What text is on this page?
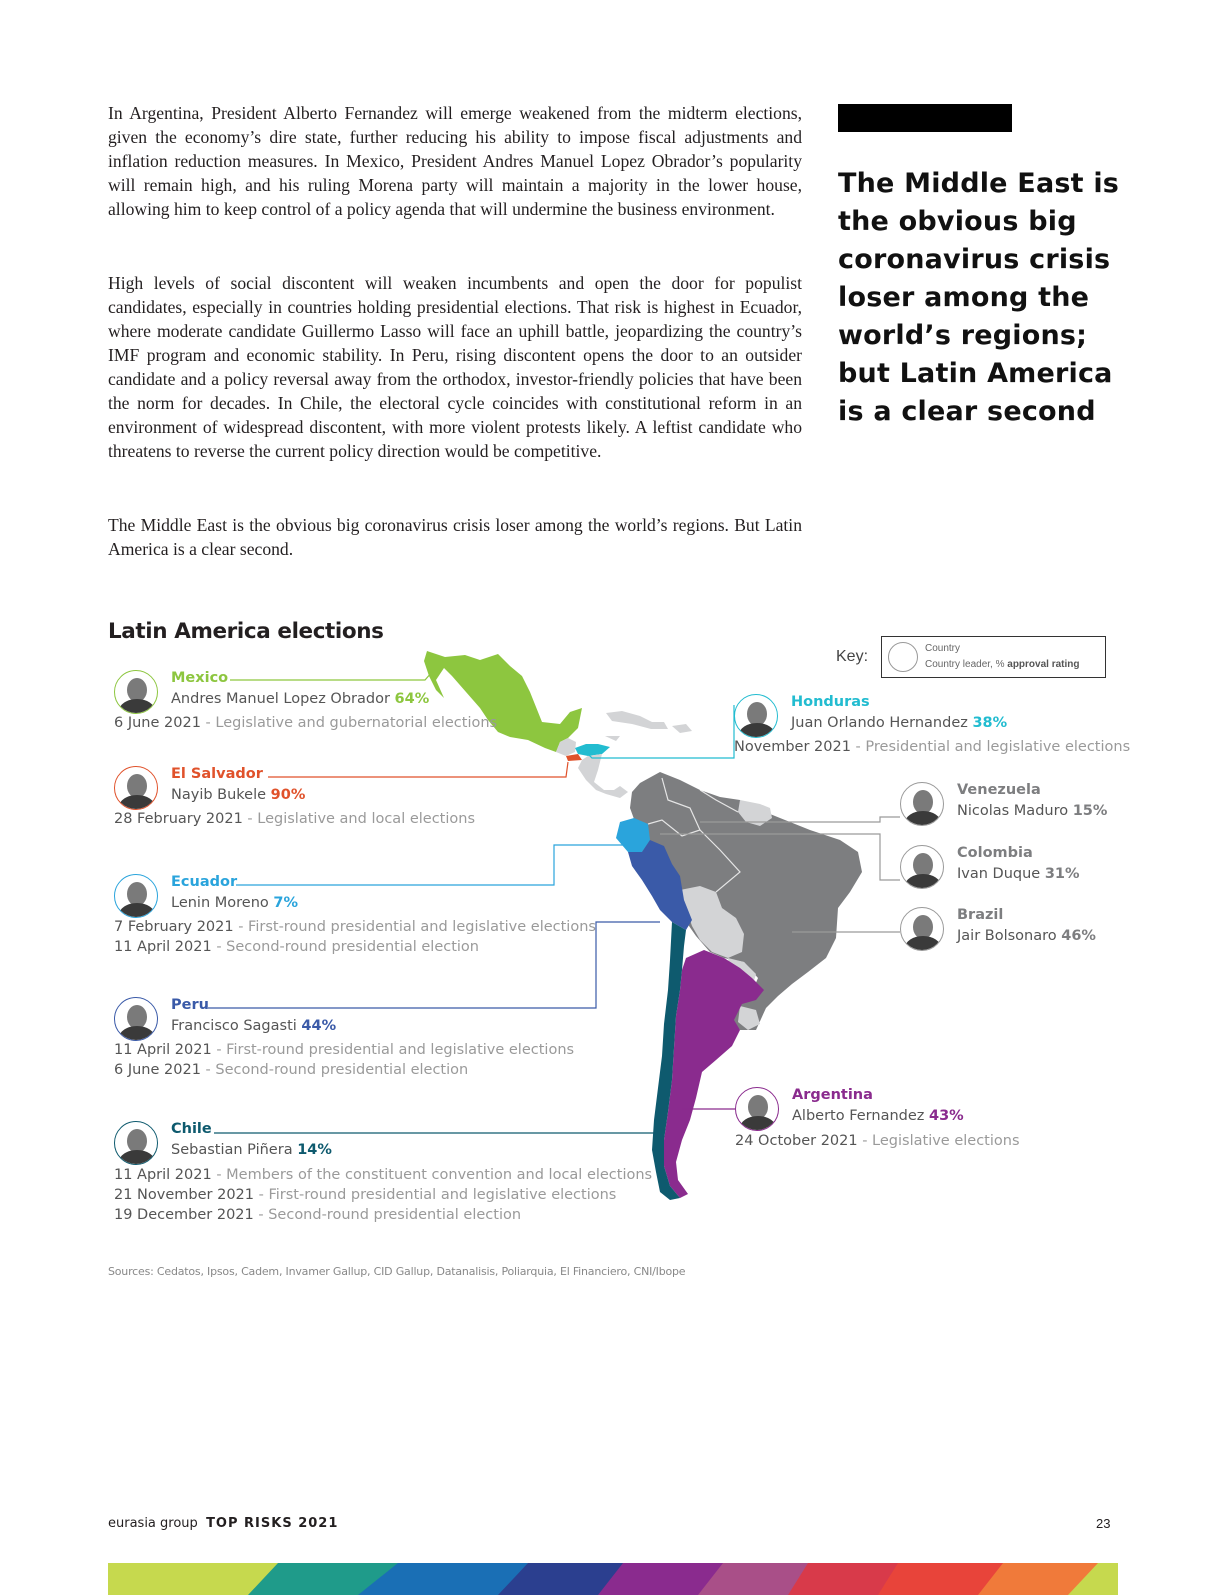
In Argentina, President Alberto Fernandez will emerge weakened from the midterm elections, given the economy’s dire state, further reducing his ability to impose fiscal adjustments and inflation reduction measures. In Mexico, President Andres Manuel Lopez Obrador’s popularity will remain high, and his ruling Morena party will maintain a majority in the lower house, allowing him to keep control of a policy agenda that will undermine the business environment.

High levels of social discontent will weaken incumbents and open the door for populist candidates, especially in countries holding presidential elections. That risk is highest in Ecuador, where moderate candidate Guillermo Lasso will face an uphill battle, jeopardizing the country’s IMF program and economic stability. In Peru, rising discontent opens the door to an outsider candidate and a policy reversal away from the orthodox, investor-friendly policies that have been the norm for decades. In Chile, the electoral cycle coincides with constitutional reform in an environment of widespread discontent, with more violent protests likely. A leftist candidate who threatens to reverse the current policy direction would be competitive.

The Middle East is the obvious big coronavirus crisis loser among the world’s regions. But Latin America is a clear second.

The Middle East is the obvious big coronavirus crisis loser among the world’s regions; but Latin America is a clear second

Latin America elections
Key:	Country
Country leader, % approval rating
Mexico
Andres Manuel Lopez Obrador 64%
6 June 2021 - Legislative and gubernatorial elections
El Salvador
Nayib Bukele 90%
28 February 2021 - Legislative and local elections
Ecuador
Lenin Moreno 7%
7 February 2021 - First-round presidential and legislative elections
11 April 2021 - Second-round presidential election
Peru
Francisco Sagasti 44%
11 April 2021 - First-round presidential and legislative elections
6 June 2021 - Second-round presidential election
Chile
Sebastian Piñera 14%
11 April 2021 - Members of the constituent convention and local elections
21 November 2021 - First-round presidential and legislative elections
19 December 2021 - Second-round presidential election
Honduras
Juan Orlando Hernandez 38%
November 2021 - Presidential and legislative elections
Venezuela
Nicolas Maduro 15%
Colombia
Ivan Duque 31%
Brazil
Jair Bolsonaro 46%
Argentina
Alberto Fernandez 43%
24 October 2021 - Legislative elections
Sources: Cedatos, Ipsos, Cadem, Invamer Gallup, CID Gallup, Datanalisis, Poliarquia, El Financiero, CNI/Ibope
eurasia group TOP RISKS 2021	23
